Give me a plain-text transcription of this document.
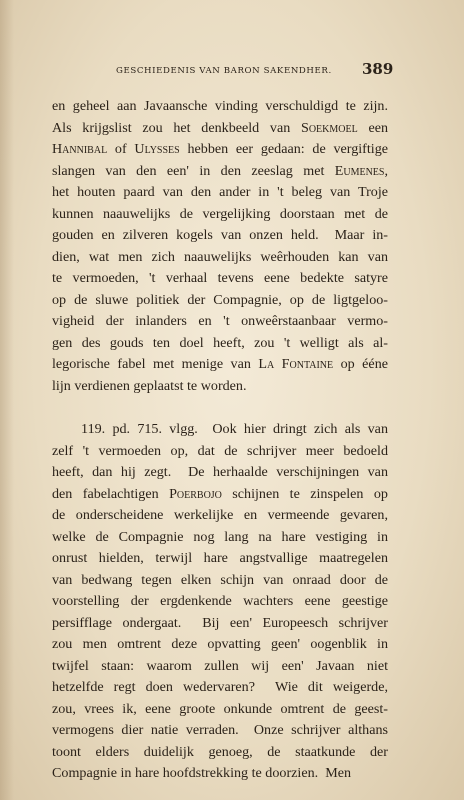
GESCHIEDENIS VAN BARON SAKENDHER.	389

en geheel aan Javaansche vinding verschuldigd te zijn.
Als krijgslist zou het denkbeeld van Soekmoel een
Hannibal of Ulysses hebben eer gedaan: de vergiftige
slangen van den een' in den zeeslag met Eumenes,
het houten paard van den ander in 't beleg van Troje
kunnen naauwelijks de vergelijking doorstaan met de
gouden en zilveren kogels van onzen held.  Maar in-
dien, wat men zich naauwelijks weêrhouden kan van
te vermoeden, 't verhaal tevens eene bedekte satyre
op de sluwe politiek der Compagnie, op de ligtgeloo-
vigheid der inlanders en 't onweêrstaanbaar vermo-
gen des gouds ten doel heeft, zou 't welligt als al-
legorische fabel met menige van La Fontaine op ééne
lijn verdienen geplaatst te worden.

119. pd. 715. vlgg.  Ook hier dringt zich als van
zelf 't vermoeden op, dat de schrijver meer bedoeld
heeft, dan hij zegt.  De herhaalde verschijningen van
den fabelachtigen Poerbojo schijnen te zinspelen op
de onderscheidene werkelijke en vermeende gevaren,
welke de Compagnie nog lang na hare vestiging in
onrust hielden, terwijl hare angstvallige maatregelen
van bedwang tegen elken schijn van onraad door de
voorstelling der ergdenkende wachters eene geestige
persifflage ondergaat.  Bij een' Europeesch schrijver
zou men omtrent deze opvatting geen' oogenblik in
twijfel staan: waarom zullen wij een' Javaan niet
hetzelfde regt doen wedervaren?  Wie dit weigerde,
zou, vrees ik, eene groote onkunde omtrent de geest-
vermogens dier natie verraden.  Onze schrijver althans
toont elders duidelijk genoeg, de staatkunde der
Compagnie in hare hoofdstrekking te doorzien.  Men
